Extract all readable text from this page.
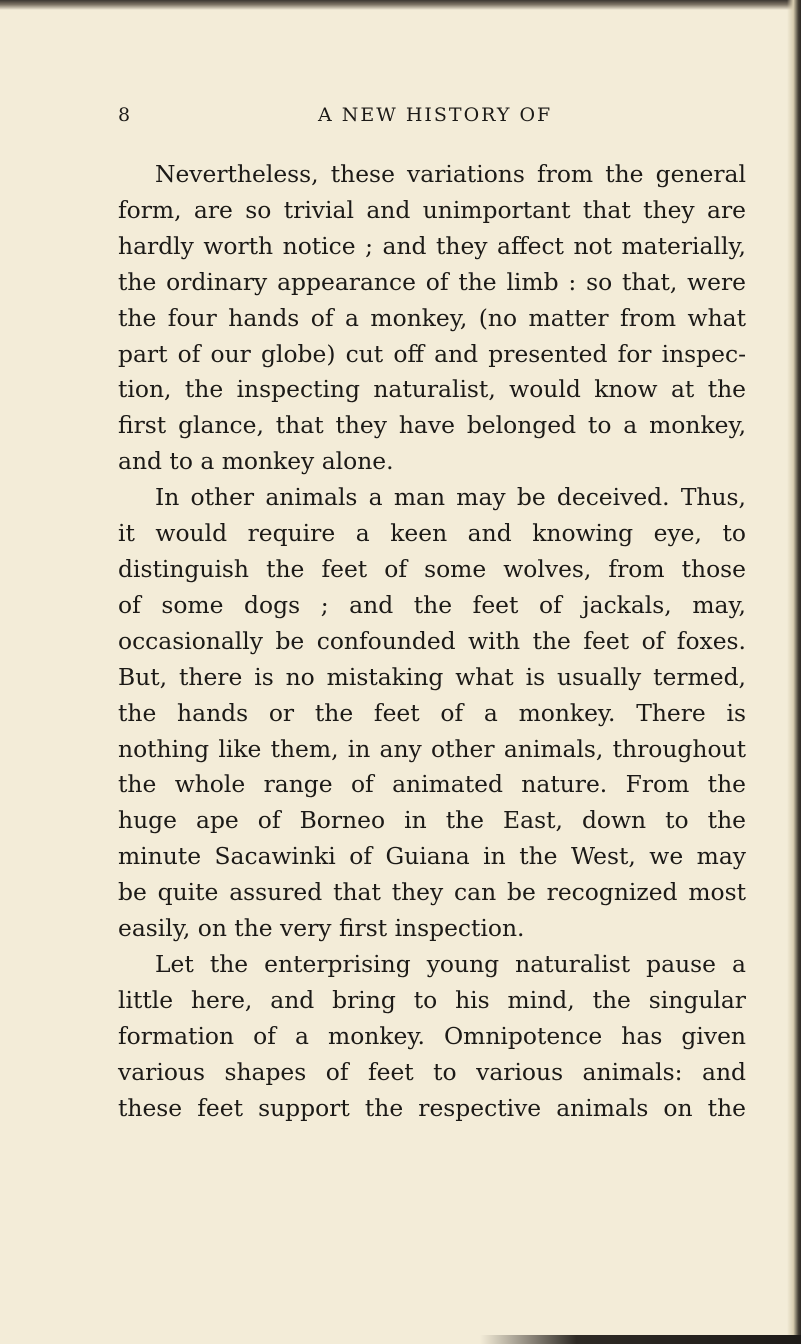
8	A NEW HISTORY OF
Nevertheless, these variations from the general
form, are so trivial and unimportant that they are
hardly worth notice ; and they affect not materially,
the ordinary appearance of the limb : so that, were
the four hands of a monkey, (no matter from what
part of our globe) cut off and presented for inspec-
tion, the inspecting naturalist, would know at the
first glance, that they have belonged to a monkey,
and to a monkey alone.
In other animals a man may be deceived. Thus,
it would require a keen and knowing eye, to
distinguish the feet of some wolves, from those
of some dogs ; and the feet of jackals, may,
occasionally be confounded with the feet of foxes.
But, there is no mistaking what is usually termed,
the hands or the feet of a monkey. There is
nothing like them, in any other animals, throughout
the whole range of animated nature. From the
huge ape of Borneo in the East, down to the
minute Sacawinki of Guiana in the West, we may
be quite assured that they can be recognized most
easily, on the very first inspection.
Let the enterprising young naturalist pause a
little here, and bring to his mind, the singular
formation of a monkey. Omnipotence has given
various shapes of feet to various animals: and
these feet support the respective animals on the
